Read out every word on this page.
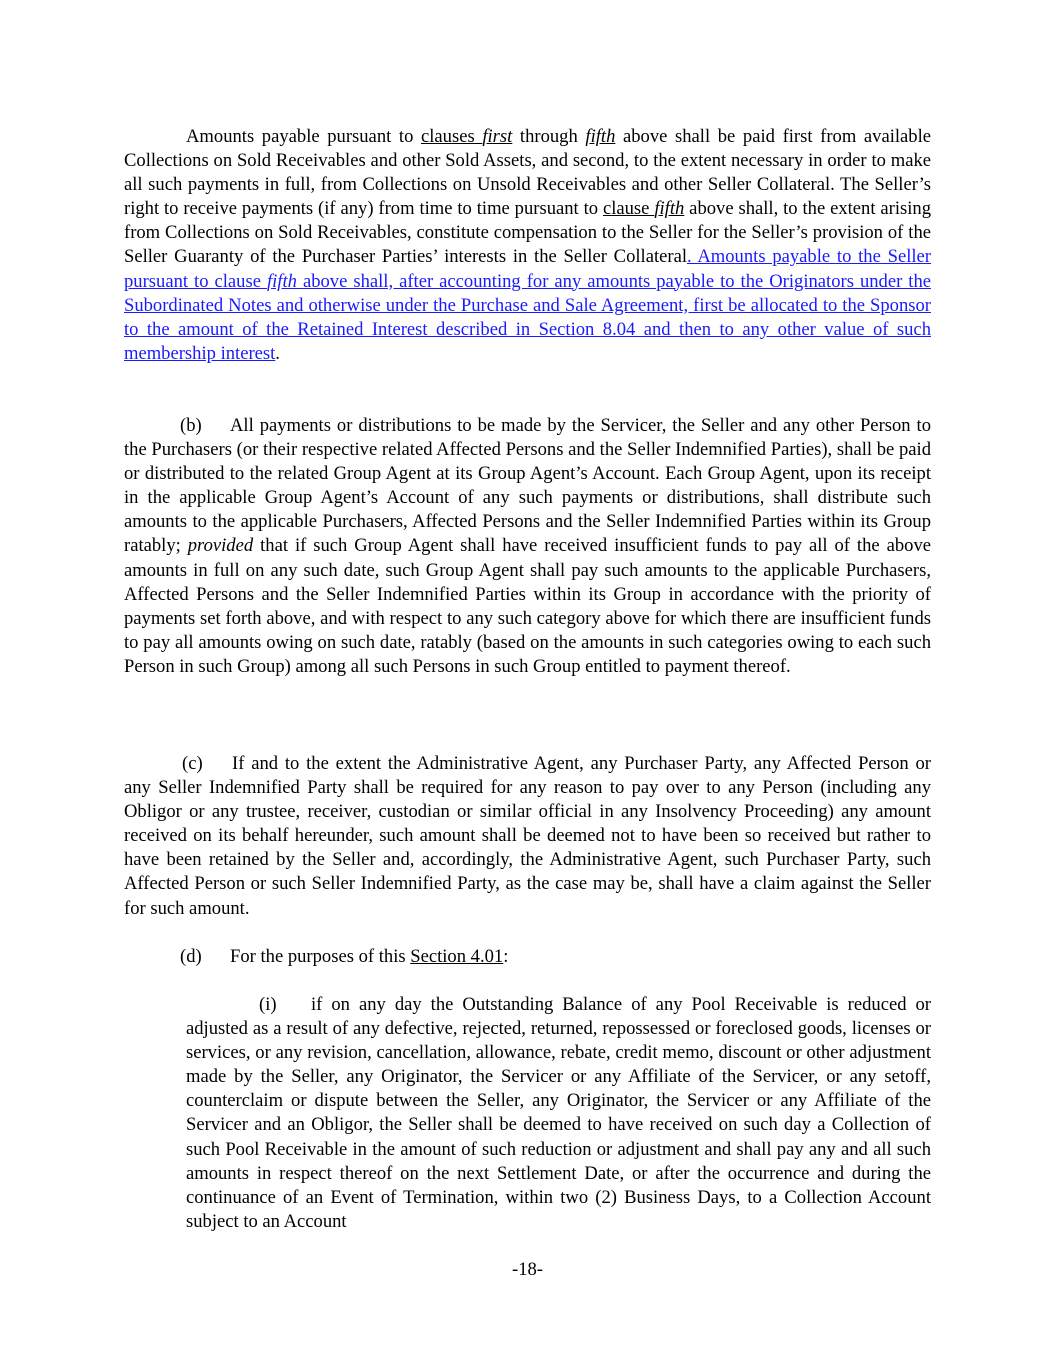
Amounts payable pursuant to clauses first through fifth above shall be paid first from available Collections on Sold Receivables and other Sold Assets, and second, to the extent necessary in order to make all such payments in full, from Collections on Unsold Receivables and other Seller Collateral. The Seller’s right to receive payments (if any) from time to time pursuant to clause fifth above shall, to the extent arising from Collections on Sold Receivables, constitute compensation to the Seller for the Seller’s provision of the Seller Guaranty of the Purchaser Parties’ interests in the Seller Collateral. Amounts payable to the Seller pursuant to clause fifth above shall, after accounting for any amounts payable to the Originators under the Subordinated Notes and otherwise under the Purchase and Sale Agreement, first be allocated to the Sponsor to the amount of the Retained Interest described in Section 8.04 and then to any other value of such membership interest.

(b) All payments or distributions to be made by the Servicer, the Seller and any other Person to the Purchasers (or their respective related Affected Persons and the Seller Indemnified Parties), shall be paid or distributed to the related Group Agent at its Group Agent’s Account. Each Group Agent, upon its receipt in the applicable Group Agent’s Account of any such payments or distributions, shall distribute such amounts to the applicable Purchasers, Affected Persons and the Seller Indemnified Parties within its Group ratably; provided that if such Group Agent shall have received insufficient funds to pay all of the above amounts in full on any such date, such Group Agent shall pay such amounts to the applicable Purchasers, Affected Persons and the Seller Indemnified Parties within its Group in accordance with the priority of payments set forth above, and with respect to any such category above for which there are insufficient funds to pay all amounts owing on such date, ratably (based on the amounts in such categories owing to each such Person in such Group) among all such Persons in such Group entitled to payment thereof.

(c) If and to the extent the Administrative Agent, any Purchaser Party, any Affected Person or any Seller Indemnified Party shall be required for any reason to pay over to any Person (including any Obligor or any trustee, receiver, custodian or similar official in any Insolvency Proceeding) any amount received on its behalf hereunder, such amount shall be deemed not to have been so received but rather to have been retained by the Seller and, accordingly, the Administrative Agent, such Purchaser Party, such Affected Person or such Seller Indemnified Party, as the case may be, shall have a claim against the Seller for such amount.

(d) For the purposes of this Section 4.01:

(i) if on any day the Outstanding Balance of any Pool Receivable is reduced or adjusted as a result of any defective, rejected, returned, repossessed or foreclosed goods, licenses or services, or any revision, cancellation, allowance, rebate, credit memo, discount or other adjustment made by the Seller, any Originator, the Servicer or any Affiliate of the Servicer, or any setoff, counterclaim or dispute between the Seller, any Originator, the Servicer or any Affiliate of the Servicer and an Obligor, the Seller shall be deemed to have received on such day a Collection of such Pool Receivable in the amount of such reduction or adjustment and shall pay any and all such amounts in respect thereof on the next Settlement Date, or after the occurrence and during the continuance of an Event of Termination, within two (2) Business Days, to a Collection Account subject to an Account

-18-
